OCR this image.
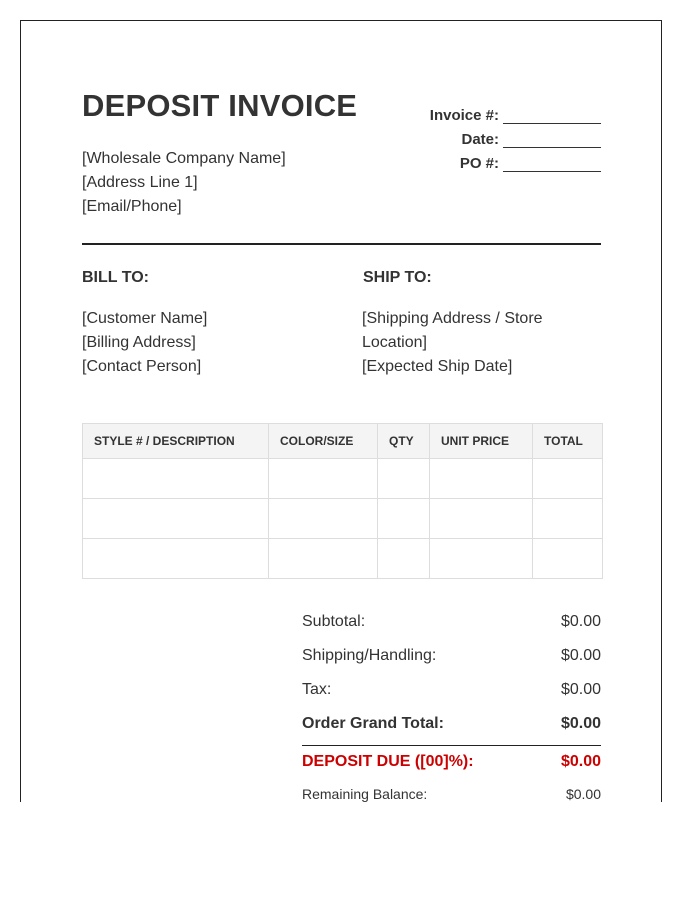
DEPOSIT INVOICE
[Wholesale Company Name]
[Address Line 1]
[Email/Phone]
Invoice #:
Date:
PO #:
BILL TO:
[Customer Name]
[Billing Address]
[Contact Person]
SHIP TO:
[Shipping Address / Store
Location]
[Expected Ship Date]
STYLE # / DESCRIPTION	COLOR/SIZE	QTY	UNIT PRICE	TOTAL

Subtotal:	$0.00
Shipping/Handling:	$0.00
Tax:	$0.00
Order Grand Total:	$0.00
DEPOSIT DUE ([00]%):	$0.00
Remaining Balance:	$0.00
